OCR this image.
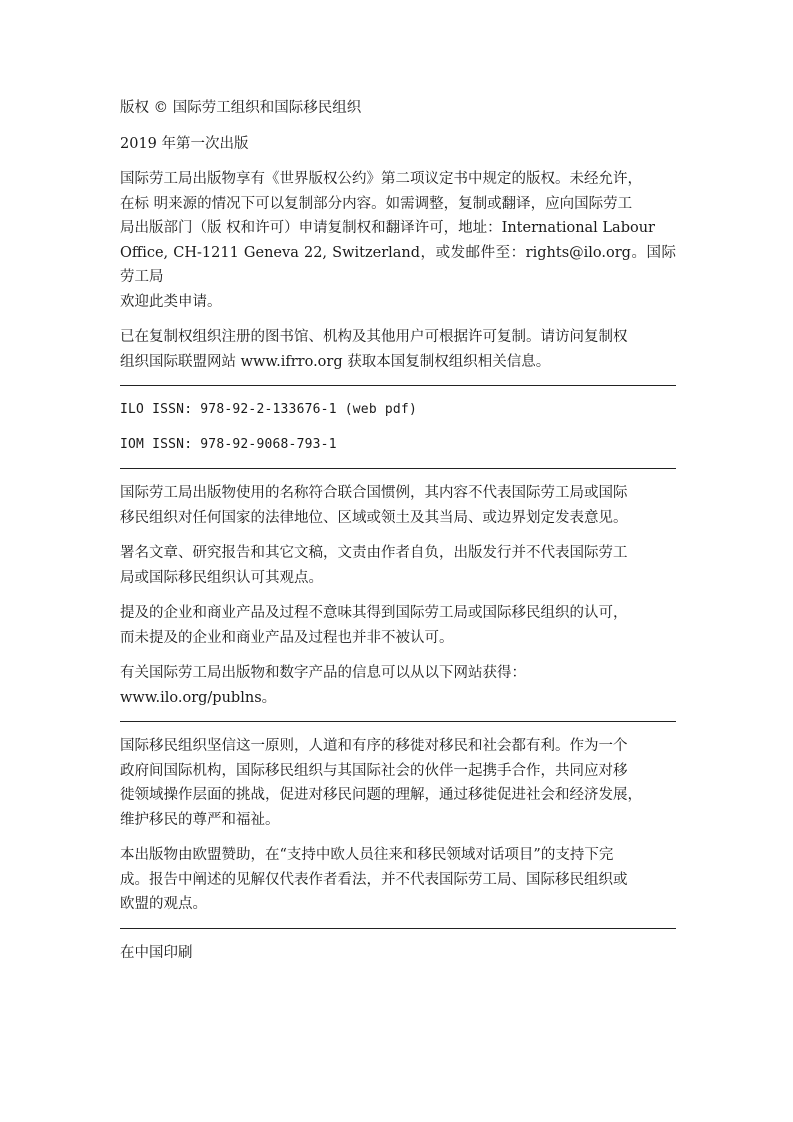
版权 © 国际劳工组织和国际移民组织

2019 年第一次出版

国际劳工局出版物享有《世界版权公约》第二项议定书中规定的版权。未经允许，
在标 明来源的情况下可以复制部分内容。如需调整，复制或翻译，应向国际劳工
局出版部门（版 权和许可）申请复制权和翻译许可，地址：International Labour
Office, CH-1211 Geneva 22, Switzerland，或发邮件至：rights@ilo.org。国际劳工局
欢迎此类申请。

已在复制权组织注册的图书馆、机构及其他用户可根据许可复制。请访问复制权
组织国际联盟网站 www.ifrro.org 获取本国复制权组织相关信息。

ILO ISSN: 978-92-2-133676-1 (web pdf)
IOM ISSN: 978-92-9068-793-1

国际劳工局出版物使用的名称符合联合国惯例，其内容不代表国际劳工局或国际
移民组织对任何国家的法律地位、区域或领土及其当局、或边界划定发表意见。

署名文章、研究报告和其它文稿，文责由作者自负，出版发行并不代表国际劳工
局或国际移民组织认可其观点。

提及的企业和商业产品及过程不意味其得到国际劳工局或国际移民组织的认可，
而未提及的企业和商业产品及过程也并非不被认可。

有关国际劳工局出版物和数字产品的信息可以从以下网站获得：
www.ilo.org/publns。

国际移民组织坚信这一原则，人道和有序的移徙对移民和社会都有利。作为一个
政府间国际机构，国际移民组织与其国际社会的伙伴一起携手合作，共同应对移
徙领域操作层面的挑战，促进对移民问题的理解，通过移徙促进社会和经济发展，
维护移民的尊严和福祉。

本出版物由欧盟赞助，在“支持中欧人员往来和移民领域对话项目”的支持下完
成。报告中阐述的见解仅代表作者看法，并不代表国际劳工局、国际移民组织或
欧盟的观点。

在中国印刷
